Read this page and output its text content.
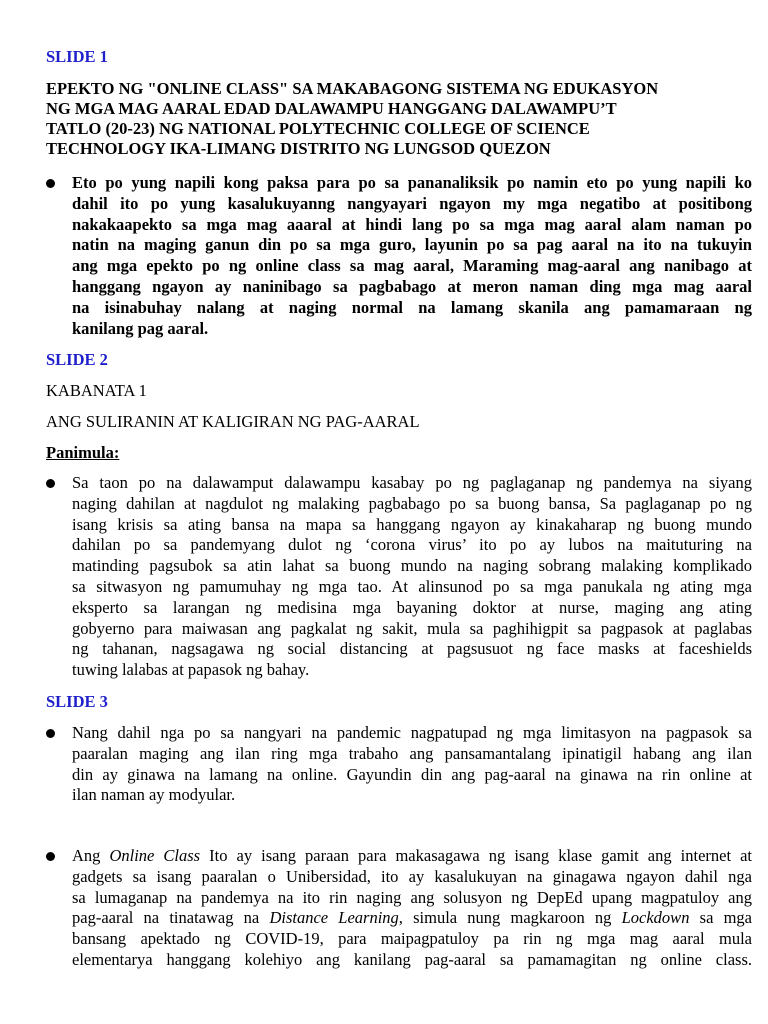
SLIDE 1
EPEKTO NG "ONLINE CLASS" SA MAKABAGONG SISTEMA NG EDUKASYON
NG MGA MAG AARAL EDAD DALAWAMPU HANGGANG DALAWAMPU’T
TATLO (20-23) NG NATIONAL POLYTECHNIC COLLEGE OF SCIENCE
TECHNOLOGY IKA-LIMANG DISTRITO NG LUNGSOD QUEZON
Eto po yung napili kong paksa para po sa pananaliksik po namin eto po yung napili ko
dahil ito po yung kasalukuyanng nangyayari ngayon my mga negatibo at positibong
nakakaapekto sa mga mag aaaral at hindi lang po sa mga mag aaral alam naman po
natin na maging ganun din po sa mga guro, layunin po sa pag aaral na ito na tukuyin
ang mga epekto po ng online class sa mag aaral, Maraming mag-aaral ang nanibago at
hanggang ngayon ay naninibago sa pagbabago at meron naman ding mga mag aaral
na isinabuhay nalang at naging normal na lamang skanila ang pamamaraan ng
kanilang pag aaral.
SLIDE 2
KABANATA 1
ANG SULIRANIN AT KALIGIRAN NG PAG-AARAL
Panimula:
Sa taon po na dalawamput dalawampu kasabay po ng paglaganap ng pandemya na siyang
naging dahilan at nagdulot ng malaking pagbabago po sa buong bansa, Sa paglaganap po ng
isang krisis sa ating bansa na mapa sa hanggang ngayon ay kinakaharap ng buong mundo
dahilan po sa pandemyang dulot ng ‘corona virus’ ito po ay lubos na maituturing na
matinding pagsubok sa atin lahat sa buong mundo na naging sobrang malaking komplikado
sa sitwasyon ng pamumuhay ng mga tao. At alinsunod po sa mga panukala ng ating mga
eksperto sa larangan ng medisina mga bayaning doktor at nurse, maging ang ating
gobyerno para maiwasan ang pagkalat ng sakit, mula sa paghihigpit sa pagpasok at paglabas
ng tahanan, nagsagawa ng social distancing at pagsusuot ng face masks at faceshields
tuwing lalabas at papasok ng bahay.
SLIDE 3
Nang dahil nga po sa nangyari na pandemic nagpatupad ng mga limitasyon na pagpasok sa
paaralan maging ang ilan ring mga trabaho ang pansamantalang ipinatigil habang ang ilan
din ay ginawa na lamang na online. Gayundin din ang pag-aaral na ginawa na rin online at
ilan naman ay modyular.
Ang Online Class Ito ay isang paraan para makasagawa ng isang klase gamit ang internet at
gadgets sa isang paaralan o Unibersidad, ito ay kasalukuyan na ginagawa ngayon dahil nga
sa lumaganap na pandemya na ito rin naging ang solusyon ng DepEd upang magpatuloy ang
pag-aaral na tinatawag na Distance Learning, simula nung magkaroon ng Lockdown sa mga
bansang apektado ng COVID-19, para maipagpatuloy pa rin ng mga mag aaral mula
elementarya hanggang kolehiyo ang kanilang pag-aaral sa pamamagitan ng online class.
